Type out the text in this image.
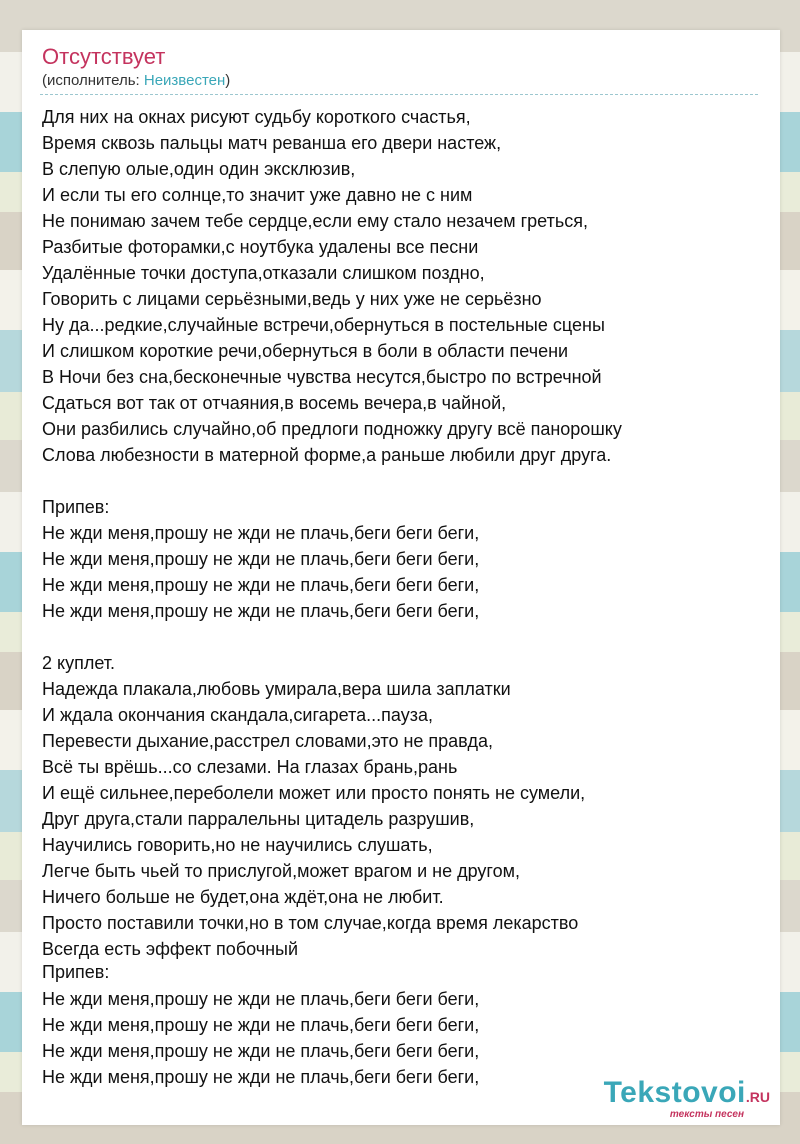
Отсутствует
(исполнитель: Неизвестен)
Для них на окнах рисуют судьбу короткого счастья,
Время сквозь пальцы матч реванша его двери настеж,
В слепую олые,один один эксклюзив,
И если ты его солнце,то значит уже давно не с ним
Не понимаю зачем тебе сердце,если ему стало незачем греться,
Разбитые фоторамки,с ноутбука удалены все песни
Удалённые точки доступа,отказали слишком поздно,
Говорить с лицами серьёзными,ведь у них уже не серьёзно
Ну да...редкие,случайные встречи,обернуться в постельные сцены
И слишком короткие речи,обернуться в боли в области печени
В Ночи без сна,бесконечные чувства несутся,быстро по встречной
Сдаться вот так от отчаяния,в восемь вечера,в чайной,
Они разбились случайно,об предлоги подножку другу всё панорошку
Слова любезности в матерной форме,а раньше любили друг друга.
Припев:
Не жди меня,прошу не жди не плачь,беги беги беги,
Не жди меня,прошу не жди не плачь,беги беги беги,
Не жди меня,прошу не жди не плачь,беги беги беги,
Не жди меня,прошу не жди не плачь,беги беги беги,
2 куплет.
Надежда плакала,любовь умирала,вера шила заплатки
И ждала окончания скандала,сигарета...пауза,
Перевести дыхание,расстрел словами,это не правда,
Всё ты врёшь...со слезами. На глазах брань,рань
И ещё сильнее,переболели может или просто понять не сумели,
Друг друга,стали парралельны цитадель разрушив,
Научились говорить,но не научились слушать,
Легче быть чьей то прислугой,может врагом и не другом,
Ничего больше не будет,она ждёт,она не любит.
Просто поставили точки,но в том случае,когда время лекарство
Всегда есть эффект побочный
Припев:
Не жди меня,прошу не жди не плачь,беги беги беги,
Не жди меня,прошу не жди не плачь,беги беги беги,
Не жди меня,прошу не жди не плачь,беги беги беги,
Не жди меня,прошу не жди не плачь,беги беги беги,	Tekstovoi.RU
тексты песен
